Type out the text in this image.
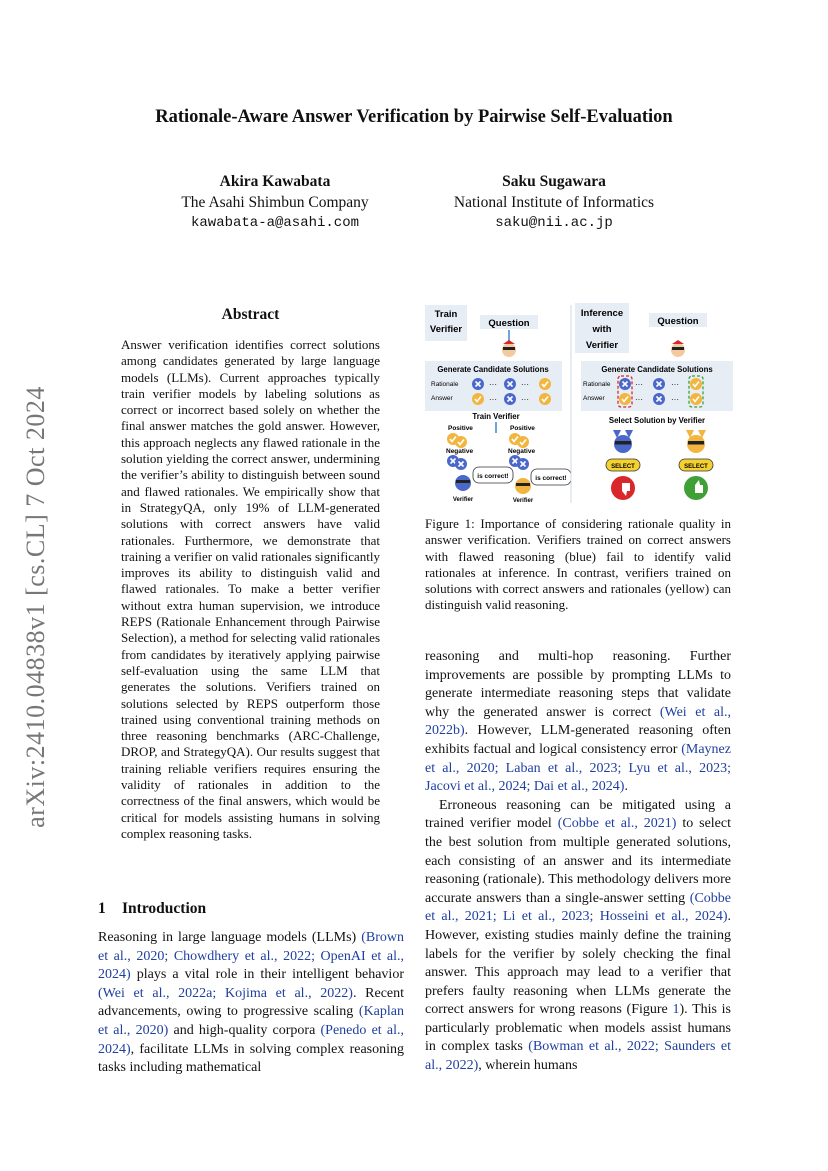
arXiv:2410.04838v1 [cs.CL] 7 Oct 2024
Rationale-Aware Answer Verification by Pairwise Self-Evaluation
Akira Kawabata
The Asahi Shimbun Company
kawabata-a@asahi.com
Saku Sugawara
National Institute of Informatics
saku@nii.ac.jp
Abstract
Answer verification identifies correct solutions among candidates generated by large language models (LLMs). Current approaches typically train verifier models by labeling solutions as correct or incorrect based solely on whether the final answer matches the gold answer. However, this approach neglects any flawed rationale in the solution yielding the correct answer, undermining the verifier’s ability to distinguish between sound and flawed rationales. We empirically show that in StrategyQA, only 19% of LLM-generated solutions with correct answers have valid rationales. Furthermore, we demonstrate that training a verifier on valid rationales significantly improves its ability to distinguish valid and flawed rationales. To make a better verifier without extra human supervision, we introduce REPS (Rationale Enhancement through Pairwise Selection), a method for selecting valid rationales from candidates by iteratively applying pairwise self-evaluation using the same LLM that generates the solutions. Verifiers trained on solutions selected by REPS outperform those trained using conventional training methods on three reasoning benchmarks (ARC-Challenge, DROP, and StrategyQA). Our results suggest that training reliable verifiers requires ensuring the validity of rationales in addition to the correctness of the final answers, which would be critical for models assisting humans in solving complex reasoning tasks.
1 Introduction

Reasoning in large language models (LLMs) (Brown et al., 2020; Chowdhery et al., 2022; OpenAI et al., 2024) plays a vital role in their intelligent behavior (Wei et al., 2022a; Kojima et al., 2022). Recent advancements, owing to progressive scaling (Kaplan et al., 2020) and high-quality corpora (Penedo et al., 2024), facilitate LLMs in solving complex reasoning tasks including mathematical

reasoning and multi-hop reasoning. Further improvements are possible by prompting LLMs to generate intermediate reasoning steps that validate why the generated answer is correct (Wei et al., 2022b). However, LLM-generated reasoning often exhibits factual and logical consistency error (Maynez et al., 2020; Laban et al., 2023; Lyu et al., 2023; Jacovi et al., 2024; Dai et al., 2024).

Erroneous reasoning can be mitigated using a trained verifier model (Cobbe et al., 2021) to select the best solution from multiple generated solutions, each consisting of an answer and its intermediate reasoning (rationale). This methodology delivers more accurate answers than a single-answer setting (Cobbe et al., 2021; Li et al., 2023; Hosseini et al., 2024). However, existing studies mainly define the training labels for the verifier by solely checking the final answer. This approach may lead to a verifier that prefers faulty reasoning when LLMs generate the correct answers for wrong reasons (Figure 1). This is particularly problematic when models assist humans in complex tasks (Bowman et al., 2022; Saunders et al., 2022), wherein humans

Train
Verifier
Question
Generate Candidate Solutions
Rationale
Answer
···	···
···	···
Train Verifier
Positive	Positive
Negative	Negative
is correct!
Verifier
is correct!
Verifier
Inference
with
Verifier
Question
Generate Candidate Solutions
Rationale
Answer
···
···
···
···
Select Solution by Verifier
SELECT	SELECT
Figure 1: Importance of considering rationale quality in answer verification. Verifiers trained on correct answers with flawed reasoning (blue) fail to identify valid rationales at inference. In contrast, verifiers trained on solutions with correct answers and rationales (yellow) can distinguish valid reasoning.
